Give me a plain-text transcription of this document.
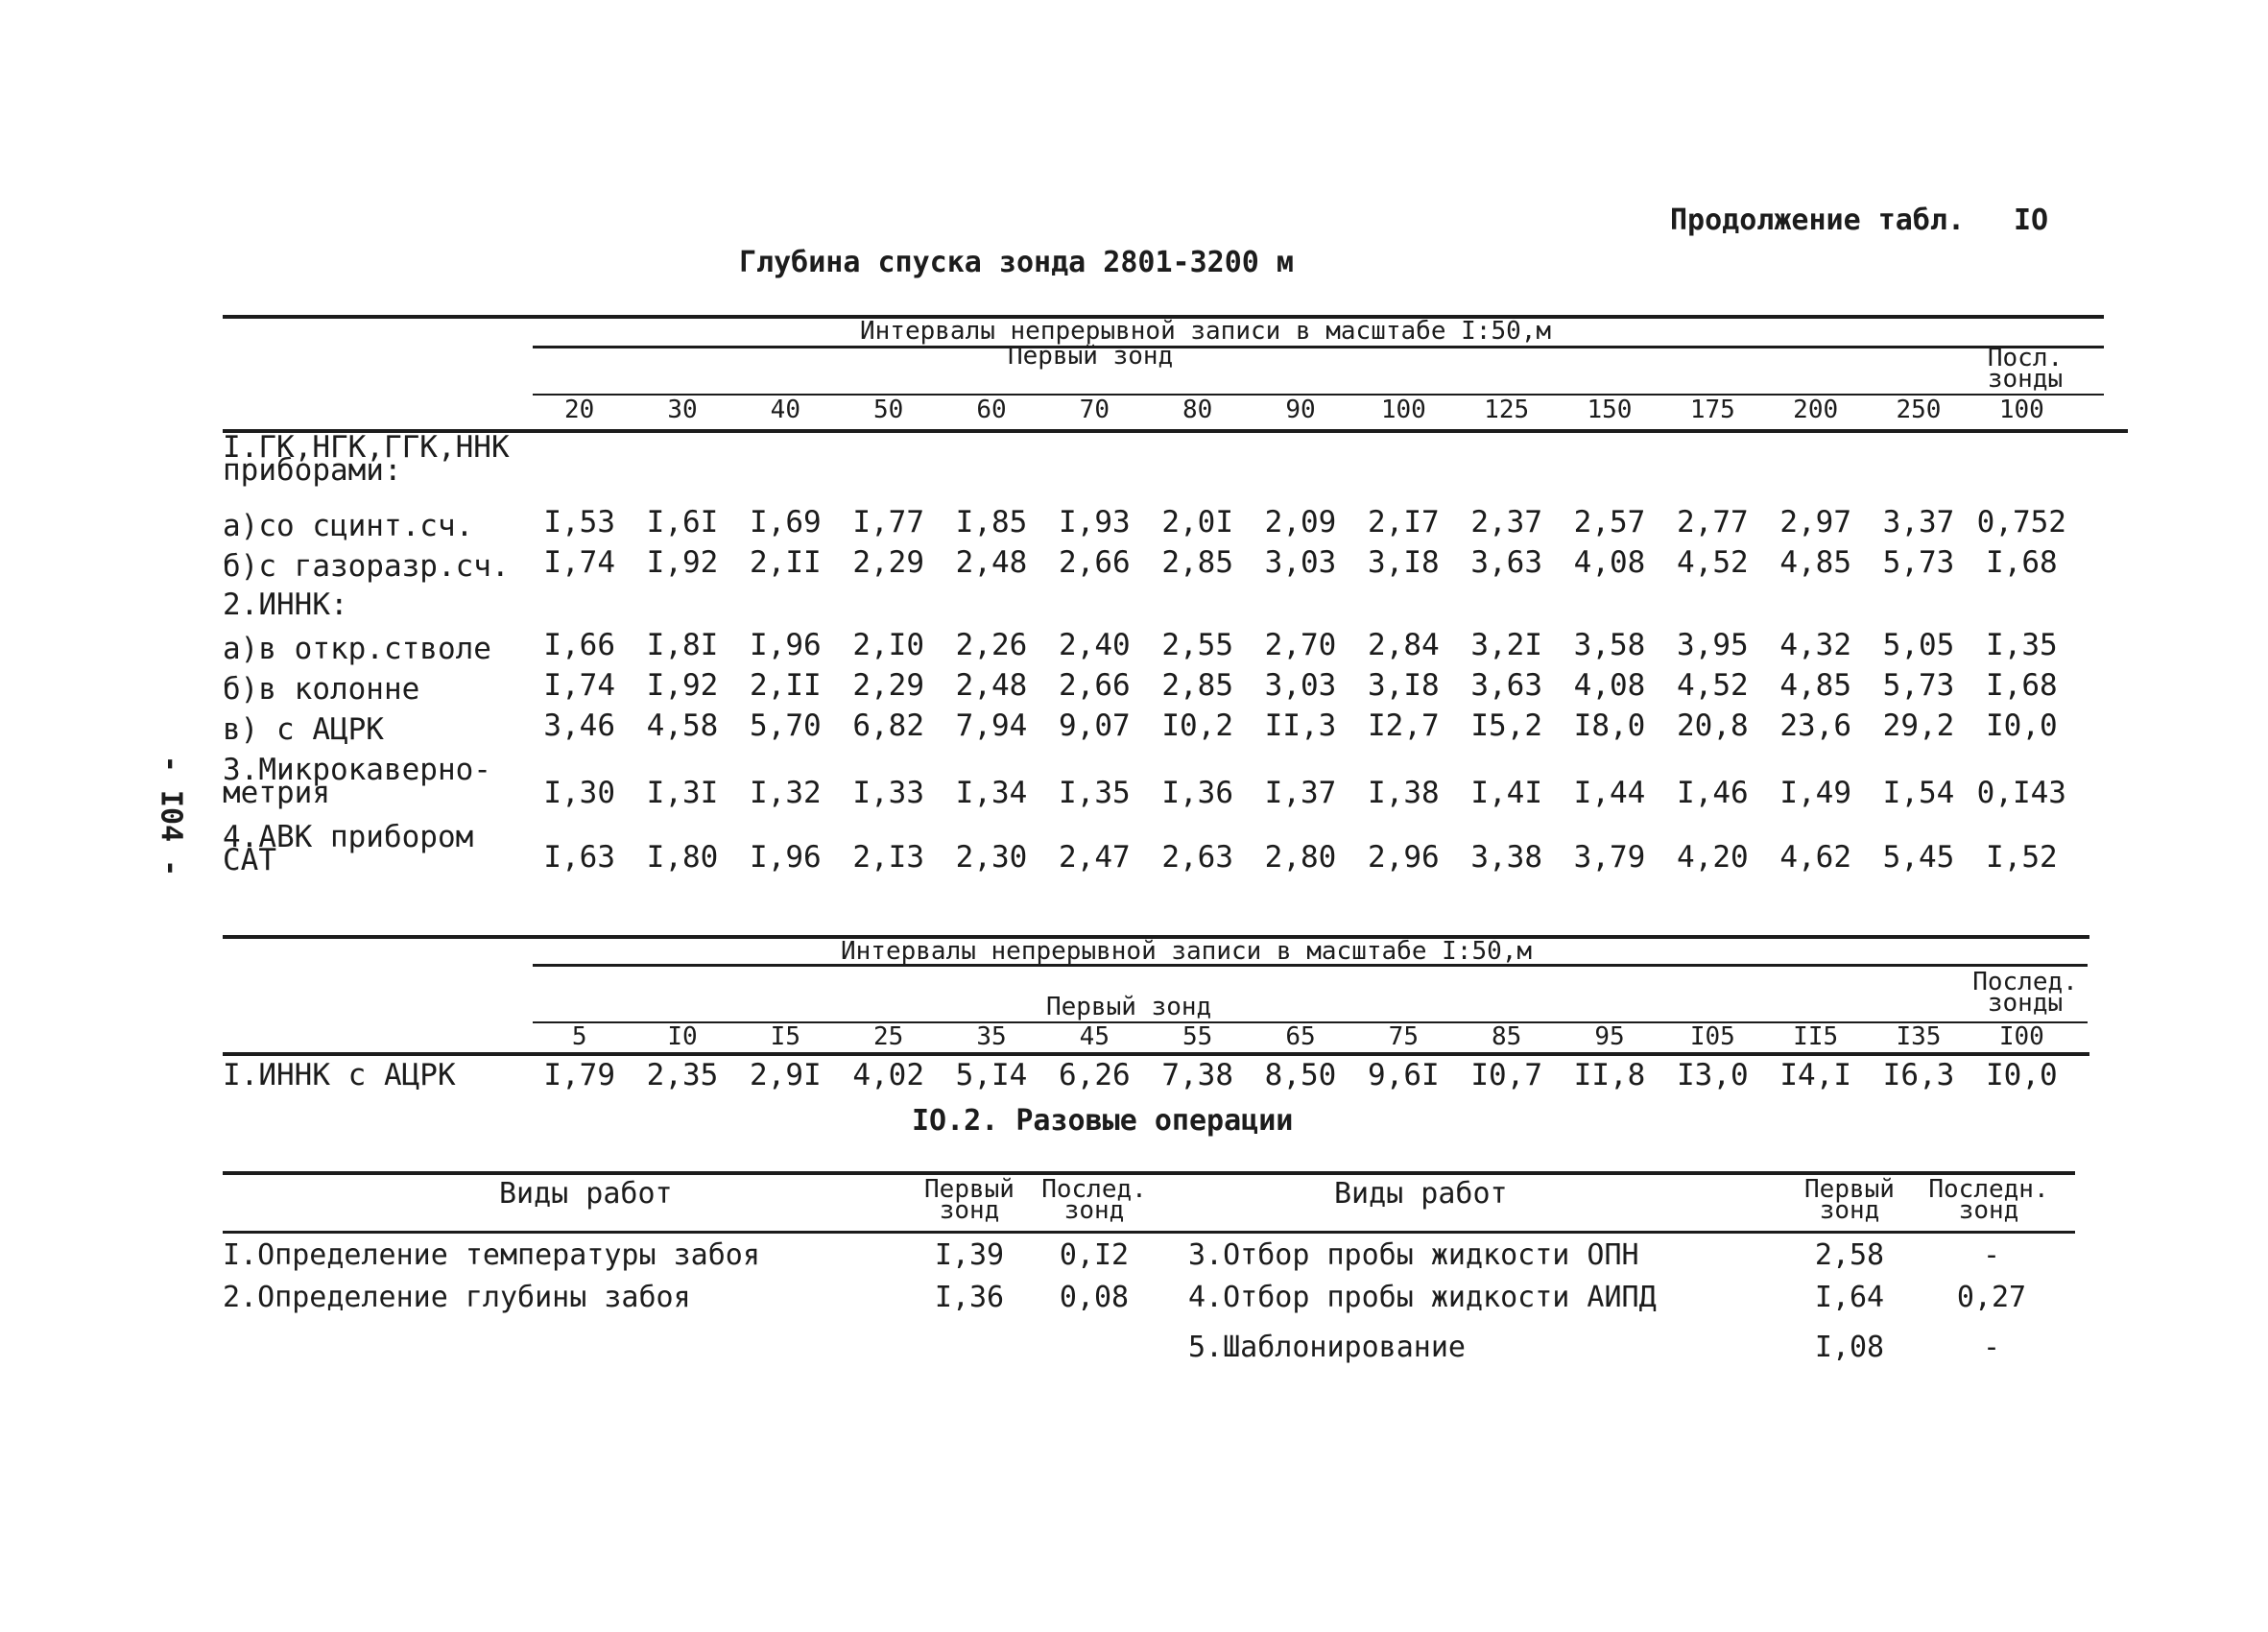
- I04 -
Продолжение табл. IO
Глубина спуска зонда 2801-3200 м
Интервалы непрерывной записи в масштабе I:50,м
Первый зонд	Посл. зонды
20	30	40	50	60	70	80	90	100	125	150	175	200	250	100
I.ГК,НГК,ГГК,ННК приборами:
а)со сцинт.сч.	I,53	I,6I	I,69	I,77	I,85	I,93	2,0I	2,09	2,I7	2,37	2,57	2,77	2,97	3,37 0,752
б)с газоразр.сч.	I,74	I,92	2,II	2,29	2,48	2,66	2,85	3,03	3,I8	3,63	4,08	4,52	4,85	5,73	I,68
2.ИННК:
а)в откр.стволе	I,66	I,8I	I,96	2,I0	2,26	2,40	2,55	2,70	2,84	3,2I	3,58	3,95	4,32	5,05	I,35
б)в колонне	I,74	I,92	2,II	2,29	2,48	2,66	2,85	3,03	3,I8	3,63	4,08	4,52	4,85	5,73	I,68
в) с АЦРК	3,46	4,58	5,70	6,82	7,94	9,07	I0,2	II,3	I2,7	I5,2	I8,0	20,8	23,6	29,2	I0,0
3.Микрокаверно-метрия	I,30	I,3I	I,32	I,33	I,34	I,35	I,36	I,37	I,38	I,4I	I,44	I,46	I,49	I,54 0,I43
4.АВК прибором САТ	I,63	I,80	I,96	2,I3	2,30	2,47	2,63	2,80	2,96	3,38	3,79	4,20	4,62	5,45	I,52
Интервалы непрерывной записи в масштабе I:50,м
Послед. зонды
Первый зонд
5	I0	I5	25	35	45	55	65	75	85	95	I05	II5	I35	I00
I.ИННК с АЦРК	I,79	2,35	2,9I	4,02	5,I4	6,26	7,38	8,50	9,6I	I0,7	II,8	I3,0	I4,I	I6,3	I0,0
IO.2. Разовые операции
Виды работ	Первый зонд
Послед. зонд	Виды работ	Первый зонд
Последн. зонд
I.Определение температуры забоя	I,39	0,I2
2.Определение глубины забоя	I,36	0,08
3.Отбор пробы жидкости ОПН	2,58	-
4.Отбор пробы жидкости АИПД	I,64	0,27
5.Шаблонирование	I,08	-
